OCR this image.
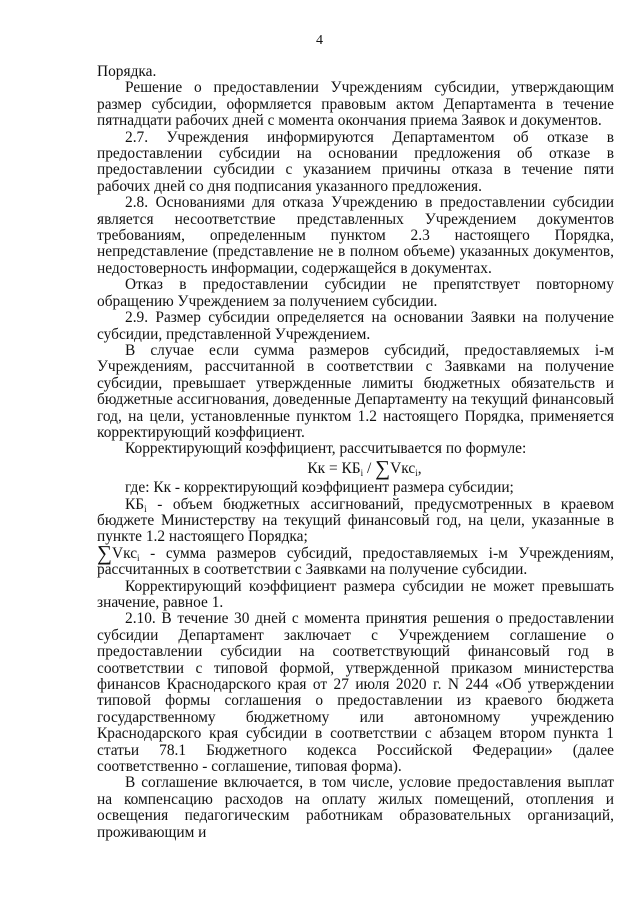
4

Порядка.

Решение о предоставлении Учреждениям субсидии, утверждающим размер субсидии, оформляется правовым актом Департамента в течение пятнадцати рабочих дней с момента окончания приема Заявок и документов.

2.7. Учреждения информируются Департаментом об отказе в предоставлении субсидии на основании предложения об отказе в предоставлении субсидии с указанием причины отказа в течение пяти рабочих дней со дня подписания указанного предложения.

2.8. Основаниями для отказа Учреждению в предоставлении субсидии является несоответствие представленных Учреждением документов требованиям, определенным пунктом 2.3 настоящего Порядка, непредставление (представление не в полном объеме) указанных документов, недостоверность информации, содержащейся в документах.

Отказ в предоставлении субсидии не препятствует повторному обращению Учреждением за получением субсидии.

2.9. Размер субсидии определяется на основании Заявки на получение субсидии, представленной Учреждением.

В случае если сумма размеров субсидий, предоставляемых i-м Учреждениям, рассчитанной в соответствии с Заявками на получение субсидии, превышает утвержденные лимиты бюджетных обязательств и бюджетные ассигнования, доведенные Департаменту на текущий финансовый год, на цели, установленные пунктом 1.2 настоящего Порядка, применяется корректирующий коэффициент.

Корректирующий коэффициент, рассчитывается по формуле:

Кк = $КБ_i / \sum Vкс_i$,

где: Кк - корректирующий коэффициент размера субсидии;

$КБ_i$ - объем бюджетных ассигнований, предусмотренных в краевом бюджете Министерству на текущий финансовый год, на цели, указанные в пункте 1.2 настоящего Порядка;

∑Vкс$_i$ - сумма размеров субсидий, предоставляемых i-м Учреждениям, рассчитанных в соответствии с Заявками на получение субсидии.

Корректирующий коэффициент размера субсидии не может превышать значение, равное 1.

2.10. В течение 30 дней с момента принятия решения о предоставлении субсидии Департамент заключает с Учреждением соглашение о предоставлении субсидии на соответствующий финансовый год в соответствии с типовой формой, утвержденной приказом министерства финансов Краснодарского края от 27 июля 2020 г. N 244 «Об утверждении типовой формы соглашения о предоставлении из краевого бюджета государственному бюджетному или автономному учреждению Краснодарского края субсидии в соответствии с абзацем втором пункта 1 статьи 78.1 Бюджетного кодекса Российской Федерации» (далее соответственно - соглашение, типовая форма).

В соглашение включается, в том числе, условие предоставления выплат на компенсацию расходов на оплату жилых помещений, отопления и освещения педагогическим работникам образовательных организаций, проживающим и
